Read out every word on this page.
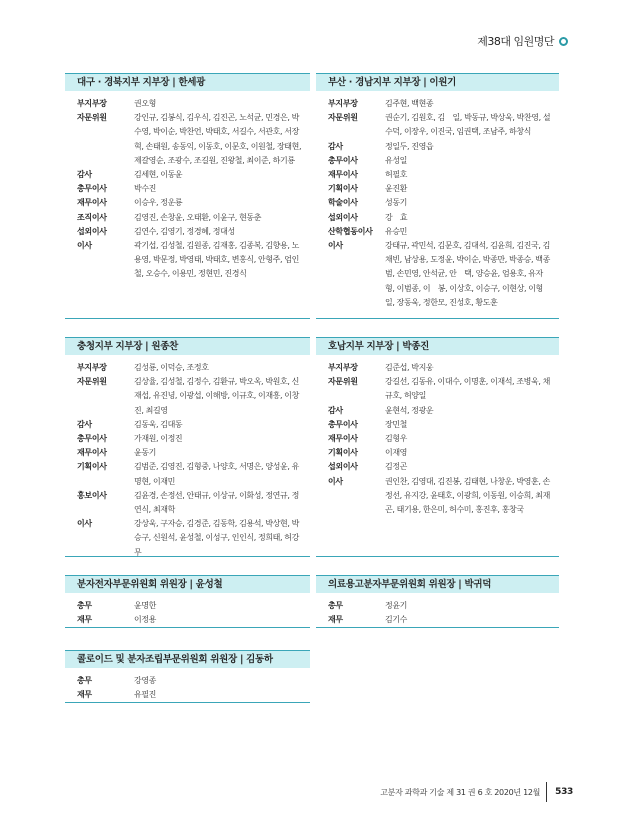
제38대 임원명단
대구 · 경북지부 지부장 | 한세광
부지부장	권오형
자문위원	강인규, 김봉식, 김우식, 김진곤, 노석균, 민경은, 박수영, 박이순, 박찬언, 박태호, 서길수, 서관호, 서장혁, 손태원, 송동익, 이동호, 이문호, 이원철, 장태현, 제갈영순, 조광수, 조길원, 진왕철, 최이준, 하기룡
감사	김세현, 이동윤
총무이사	박수진
재무이사	이승우, 정운룡
조직이사	김영진, 손창윤, 오태환, 이윤구, 현동춘
섭외이사	김연수, 김영기, 정경혜, 정대성
이사	곽기섭, 김성철, 김원종, 김재홍, 김종복, 김향용, 노용영, 박문정, 박영태, 박태호, 변홍식, 안형주, 엄인철, 오승수, 이용민, 정현민, 진경식
부산 · 경남지부 지부장 | 이원기
부지부장	김주현, 백현종
자문위원	권순기, 김원호, 김　일, 박동규, 박상욱, 박찬영, 설수덕, 이장우, 이진국, 임권택, 조남주, 하창식
감사	정일두, 진영읍
총무이사	유성일
재무이사	허필호
기획이사	윤진환
학술이사	성동기
섭외이사	강　효
산학협동이사	유승민
이사	강태규, 곽민석, 김문호, 김대석, 김윤희, 김진국, 김채빈, 남상용, 도정윤, 박이순, 박종만, 박종승, 백종범, 손민영, 안석균, 안　택, 양승윤, 엄용호, 유자형, 이범종, 이　봉, 이상호, 이승구, 이현상, 이형일, 장동욱, 정한모, 진성호, 황도훈
충청지부 지부장 | 원종찬
부지부장	김성룡, 이덕승, 조정호
자문위원	김상율, 김성철, 김정수, 김환규, 박오옥, 박원호, 신재섭, 유진녕, 이광섭, 이해방, 이규호, 이재흥, 이창진, 최길영
감사	김동욱, 김대동
총무이사	가재원, 이정진
재무이사	윤동기
기획이사	김범준, 김영진, 김형중, 나양호, 서명은, 양성윤, 유명현, 이재민
홍보이사	김윤경, 손정선, 안태규, 이상규, 이화성, 정연규, 정연식, 최재학
이사	강상욱, 구자승, 김경준, 김동학, 김용석, 박상현, 박승구, 신원석, 윤성철, 이성구, 인인식, 정희태, 허강무
호남지부 지부장 | 박종진
부지부장	김준섭, 박지웅
자문위원	강길선, 김동유, 이대수, 이명훈, 이재석, 조병욱, 채규호, 허양일
감사	윤현석, 정광운
총무이사	장민철
재무이사	김형우
기획이사	이재영
섭외이사	김정곤
이사	권인찬, 김영대, 김진봉, 김태현, 나창운, 박영훈, 손정선, 유지강, 윤태호, 이광희, 이동원, 이승희, 최재곤, 태기용, 한은미, 허수미, 홍진후, 홍창국
분자전자부문위원회 위원장 | 윤성철
총무	윤명한
재무	이정용
의료용고분자부문위원회 위원장 | 박귀덕
총무	정윤기
재무	김기수
콜로이드 및 분자조립부문위원회 위원장 | 김동하
총무	강영종
재무	유필진
고분자 과학과 기술 제 31 권 6 호 2020년 12월 533
